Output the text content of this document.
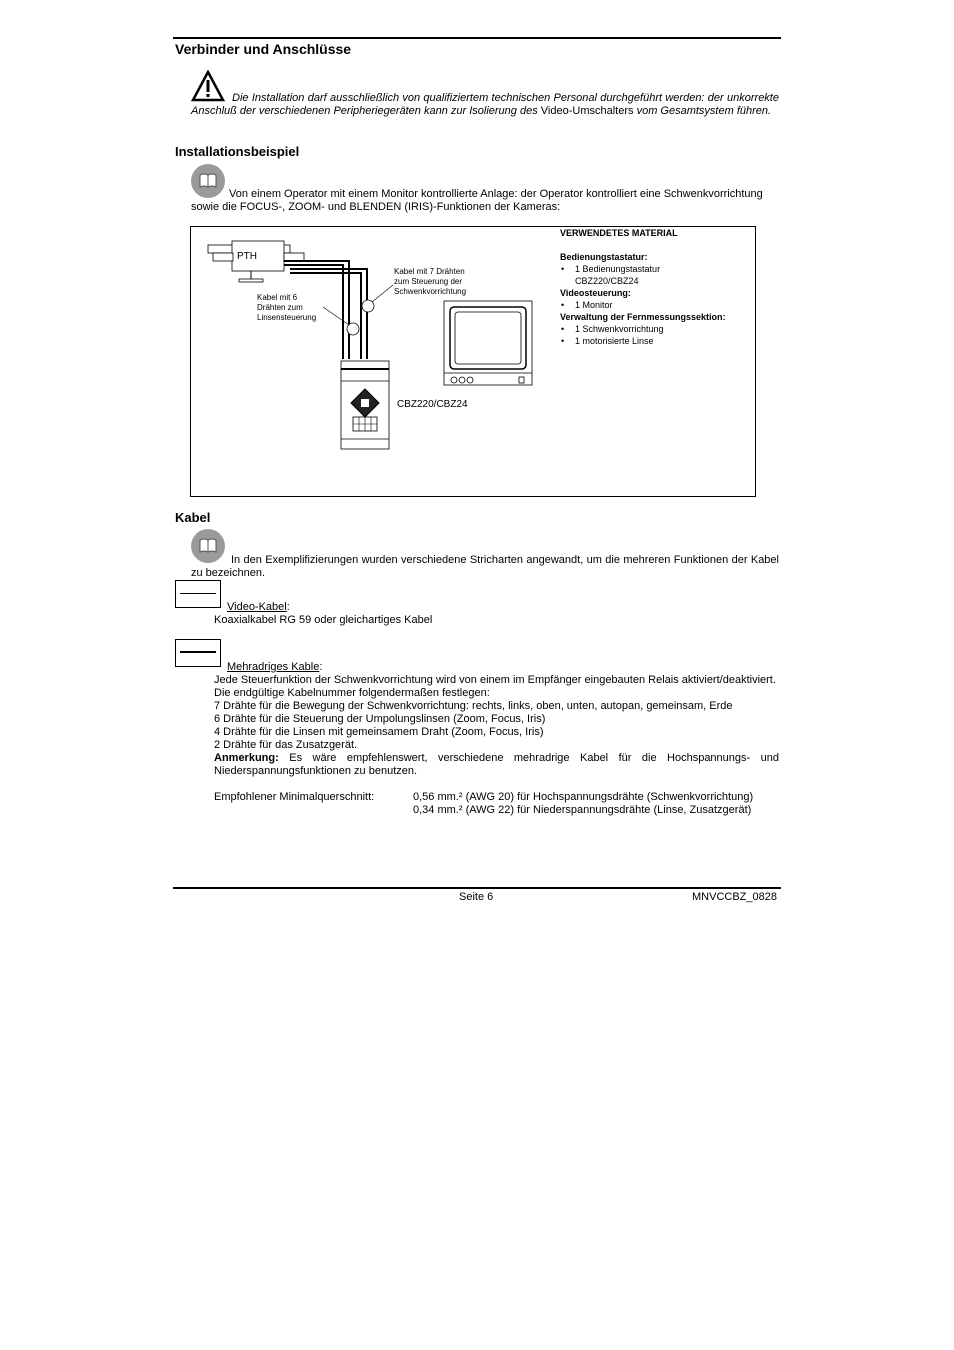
Verbinder und Anschlüsse
Die Installation darf ausschließlich von qualifiziertem technischen Personal durchgeführt werden: der unkorrekte Anschluß der verschiedenen Peripheriegeräten kann zur Isolierung des Video-Umschalters vom Gesamtsystem führen.
Installationsbeispiel
Von einem Operator mit einem Monitor kontrollierte Anlage: der Operator kontrolliert eine Schwenkvorrichtung sowie die FOCUS-, ZOOM- und BLENDEN (IRIS)-Funktionen der Kameras:
PTH
Kabel mit 6
Drähten zum
Linsensteuerung
Kabel mit 7 Drähten
zum Steuerung der
Schwenkvorrichtung
CBZ220/CBZ24
VERWENDETES MATERIAL
Bedienungstastatur:
• 1 Bedienungstastatur
CBZ220/CBZ24
Videosteuerung:
• 1 Monitor
Verwaltung der Fernmessungssektion:
• 1 Schwenkvorrichtung
• 1 motorisierte Linse
Kabel
In den Exemplifizierungen wurden verschiedene Stricharten angewandt, um die mehreren Funktionen der Kabel zu bezeichnen.
Video-Kabel:
Koaxialkabel RG 59 oder gleichartiges Kabel
Mehradriges Kable:
Jede Steuerfunktion der Schwenkvorrichtung wird von einem im Empfänger eingebauten Relais aktiviert/deaktiviert.
Die endgültige Kabelnummer folgendermaßen festlegen:
7 Drähte für die Bewegung der Schwenkvorrichtung: rechts, links, oben, unten, autopan, gemeinsam, Erde
6 Drähte für die Steuerung der Umpolungslinsen (Zoom, Focus, Iris)
4 Drähte für die Linsen mit gemeinsamem Draht (Zoom, Focus, Iris)
2 Drähte für das Zusatzgerät.
Anmerkung: Es wäre empfehlenswert, verschiedene mehradrige Kabel für die Hochspannungs- und Niederspannungsfunktionen zu benutzen.
Empfohlener Minimalquerschnitt:	0,56 mm.² (AWG 20) für Hochspannungsdrähte (Schwenkvorrichtung)
0,34 mm.² (AWG 22) für Niederspannungsdrähte (Linse, Zusatzgerät)
Seite 6	MNVCCBZ_0828
